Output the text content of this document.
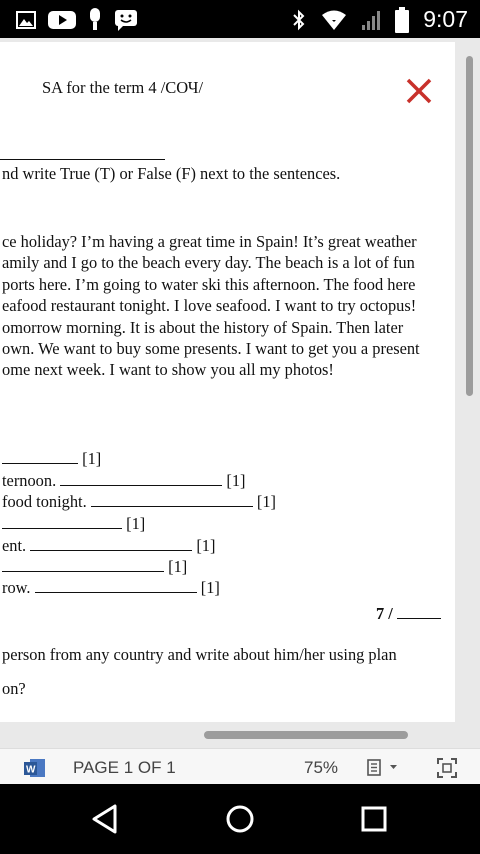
9:07
SA for the term 4 /СОЧ/
nd write True (T) or False (F) next to the sentences.
ce holiday? I’m having a great time in Spain! It’s great weather
amily and I go to the beach every day. The beach is a lot of fun
ports here. I’m going to water ski this afternoon. The food here
eafood restaurant tonight. I love seafood. I want to try octopus!
omorrow morning. It is about the history of Spain. Then later
own. We want to buy some presents. I want to get you a present
ome next week. I want to show you all my photos!
[1]
ternoon.	[1]
food tonight.	[1]
[1]
ent.	[1]
[1]
row.	[1]
7 /
person from any country and write about him/her using plan
on?
W PAGE 1 OF 1	75%
